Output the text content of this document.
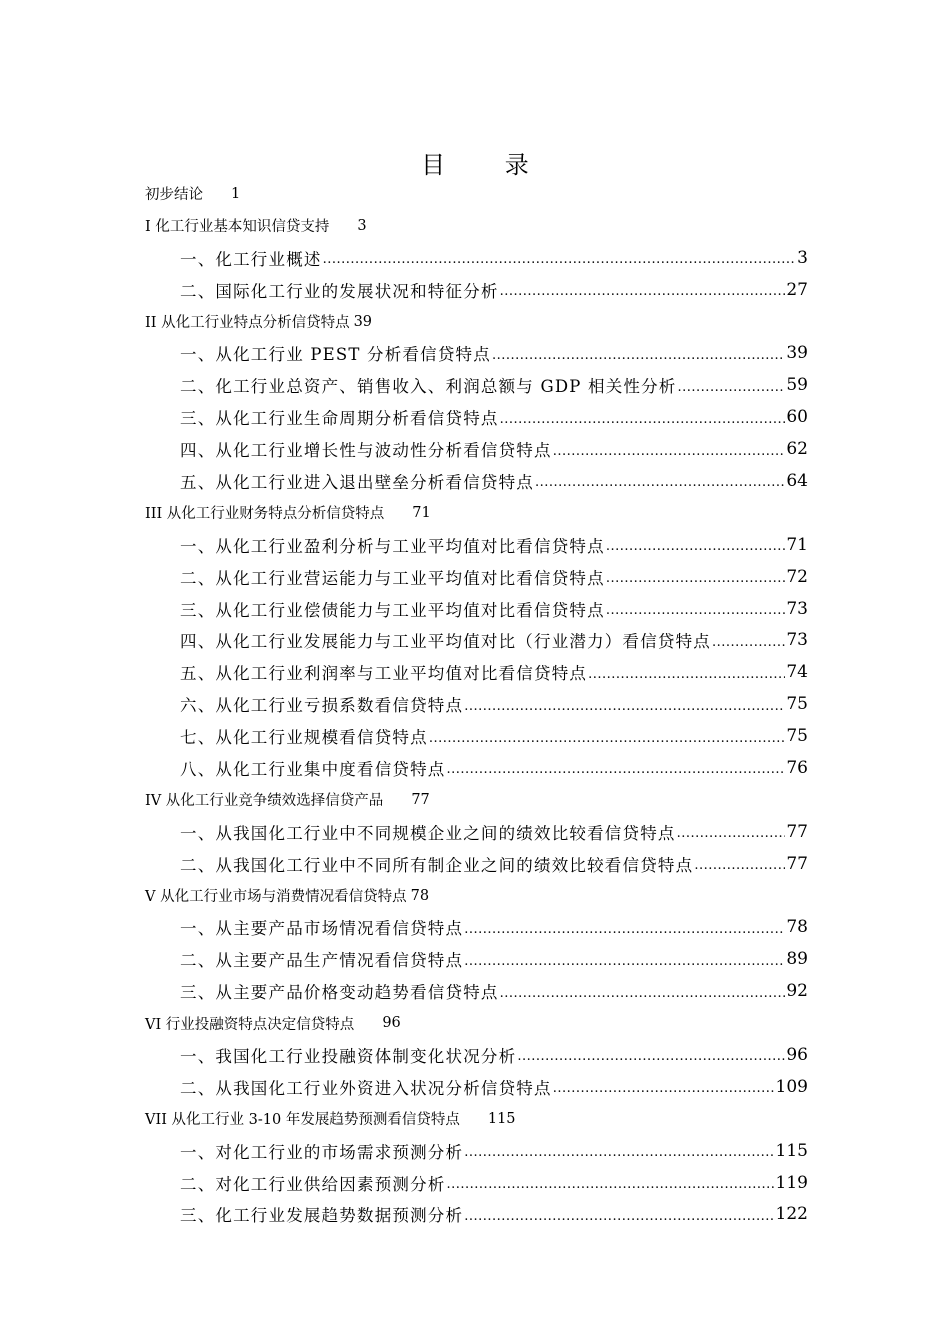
目 录
初步结论 1
I 化工行业基本知识信贷支持 3
一、化工行业概述 .....	3
二、国际化工行业的发展状况和特征分析 .....	27
II 从化工行业特点分析信贷特点 39
一、从化工行业 PEST 分析看信贷特点 .....	39
二、化工行业总资产、销售收入、利润总额与 GDP 相关性分析 .....	59
三、从化工行业生命周期分析看信贷特点 .....	60
四、从化工行业增长性与波动性分析看信贷特点 .....	62
五、从化工行业进入退出壁垒分析看信贷特点 .....	64
III 从化工行业财务特点分析信贷特点 71
一、从化工行业盈利分析与工业平均值对比看信贷特点 .....	71
二、从化工行业营运能力与工业平均值对比看信贷特点 .....	72
三、从化工行业偿债能力与工业平均值对比看信贷特点 .....	73
四、从化工行业发展能力与工业平均值对比（行业潜力）看信贷特点 .....	73
五、从化工行业利润率与工业平均值对比看信贷特点 .....	74
六、从化工行业亏损系数看信贷特点 .....	75
七、从化工行业规模看信贷特点 .....	75
八、从化工行业集中度看信贷特点 .....	76
IV 从化工行业竞争绩效选择信贷产品 77
一、从我国化工行业中不同规模企业之间的绩效比较看信贷特点 .....	77
二、从我国化工行业中不同所有制企业之间的绩效比较看信贷特点 .....	77
V 从化工行业市场与消费情况看信贷特点 78
一、从主要产品市场情况看信贷特点 .....	78
二、从主要产品生产情况看信贷特点 .....	89
三、从主要产品价格变动趋势看信贷特点 .....	92
VI 行业投融资特点决定信贷特点 96
一、我国化工行业投融资体制变化状况分析 .....	96
二、从我国化工行业外资进入状况分析信贷特点 .....	109
VII 从化工行业 3-10 年发展趋势预测看信贷特点 115
一、对化工行业的市场需求预测分析 .....	115
二、对化工行业供给因素预测分析 .....	119
三、化工行业发展趋势数据预测分析 .....	122
